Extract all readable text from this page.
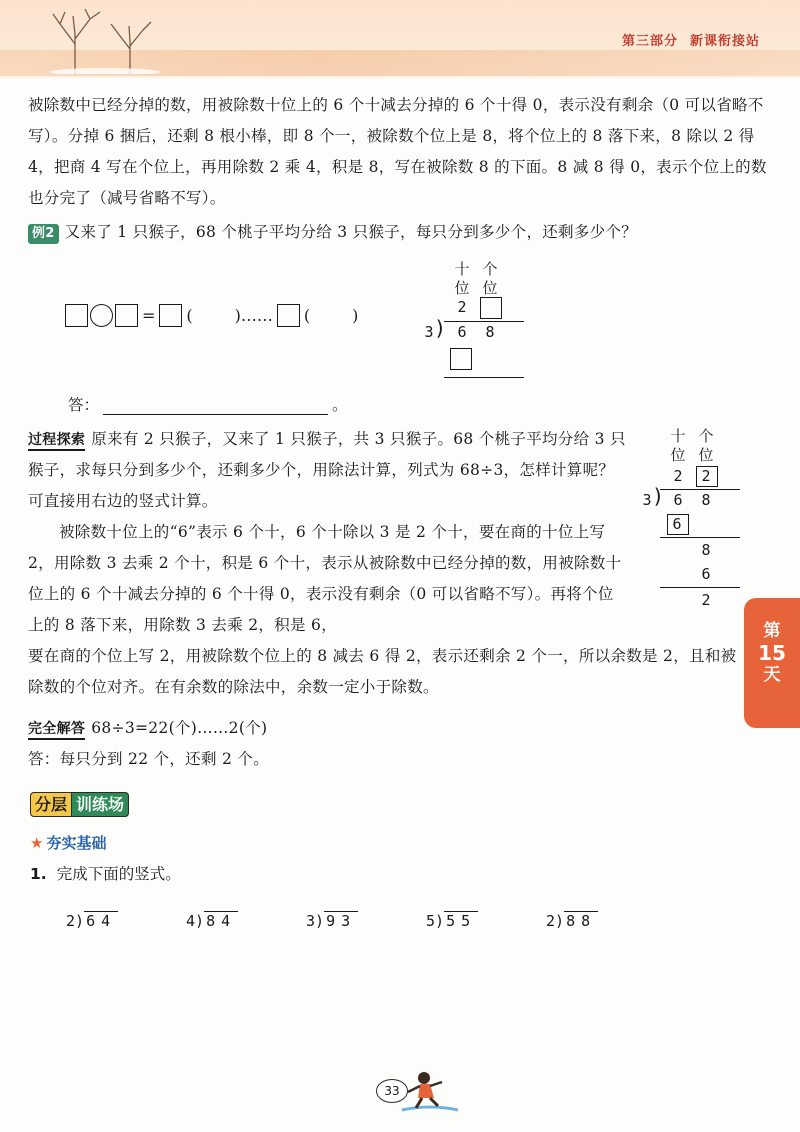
第三部分 新课衔接站
被除数中已经分掉的数，用被除数十位上的 6 个十减去分掉的 6 个十得 0，表示没有剩余（0 可以省略不写）。分掉 6 捆后，还剩 8 根小棒，即 8 个一，被除数个位上是 8，将个位上的 8 落下来，8 除以 2 得 4，把商 4 写在个位上，再用除数 2 乘 4，积是 8，写在被除数 8 的下面。8 减 8 得 0，表示个位上的数也分完了（减号省略不写）。
例2 又来了 1 只猴子，68 个桃子平均分给 3 只猴子，每只分到多少个，还剩多少个？
= (	)…… (	)
十 个
位 位
2
3 ) 6	8
答：	。
过程探索 原来有 2 只猴子，又来了 1 只猴子，共 3 只猴子。68 个桃子平均分给 3 只猴子，求每只分到多少个，还剩多少个，用除法计算，列式为 68÷3，怎样计算呢？可直接用右边的竖式计算。
被除数十位上的“6”表示 6 个十，6 个十除以 3 是 2 个十，要在商的十位上写 2，用除数 3 去乘 2 个十，积是 6 个十，表示从被除数中已经分掉的数，用被除数十位上的 6 个十减去分掉的 6 个十得 0，表示没有剩余（0 可以省略不写）。再将个位上的 8 落下来，用除数 3 去乘 2，积是 6，
要在商的个位上写 2，用被除数个位上的 8 减去 6 得 2，表示还剩余 2 个一，所以余数是 2，且和被除数的个位对齐。在有余数的除法中，余数一定小于除数。
十 个
位 位
2	2
3 ) 6	8
6
8
6
2
完全解答 68÷3=22(个)……2(个)
答：每只分到 22 个，还剩 2 个。
第
15
天
分层 训练场
★ 夯实基础
1. 完成下面的竖式。
2) 64	4) 84	3) 93	5) 55	2) 88
33
